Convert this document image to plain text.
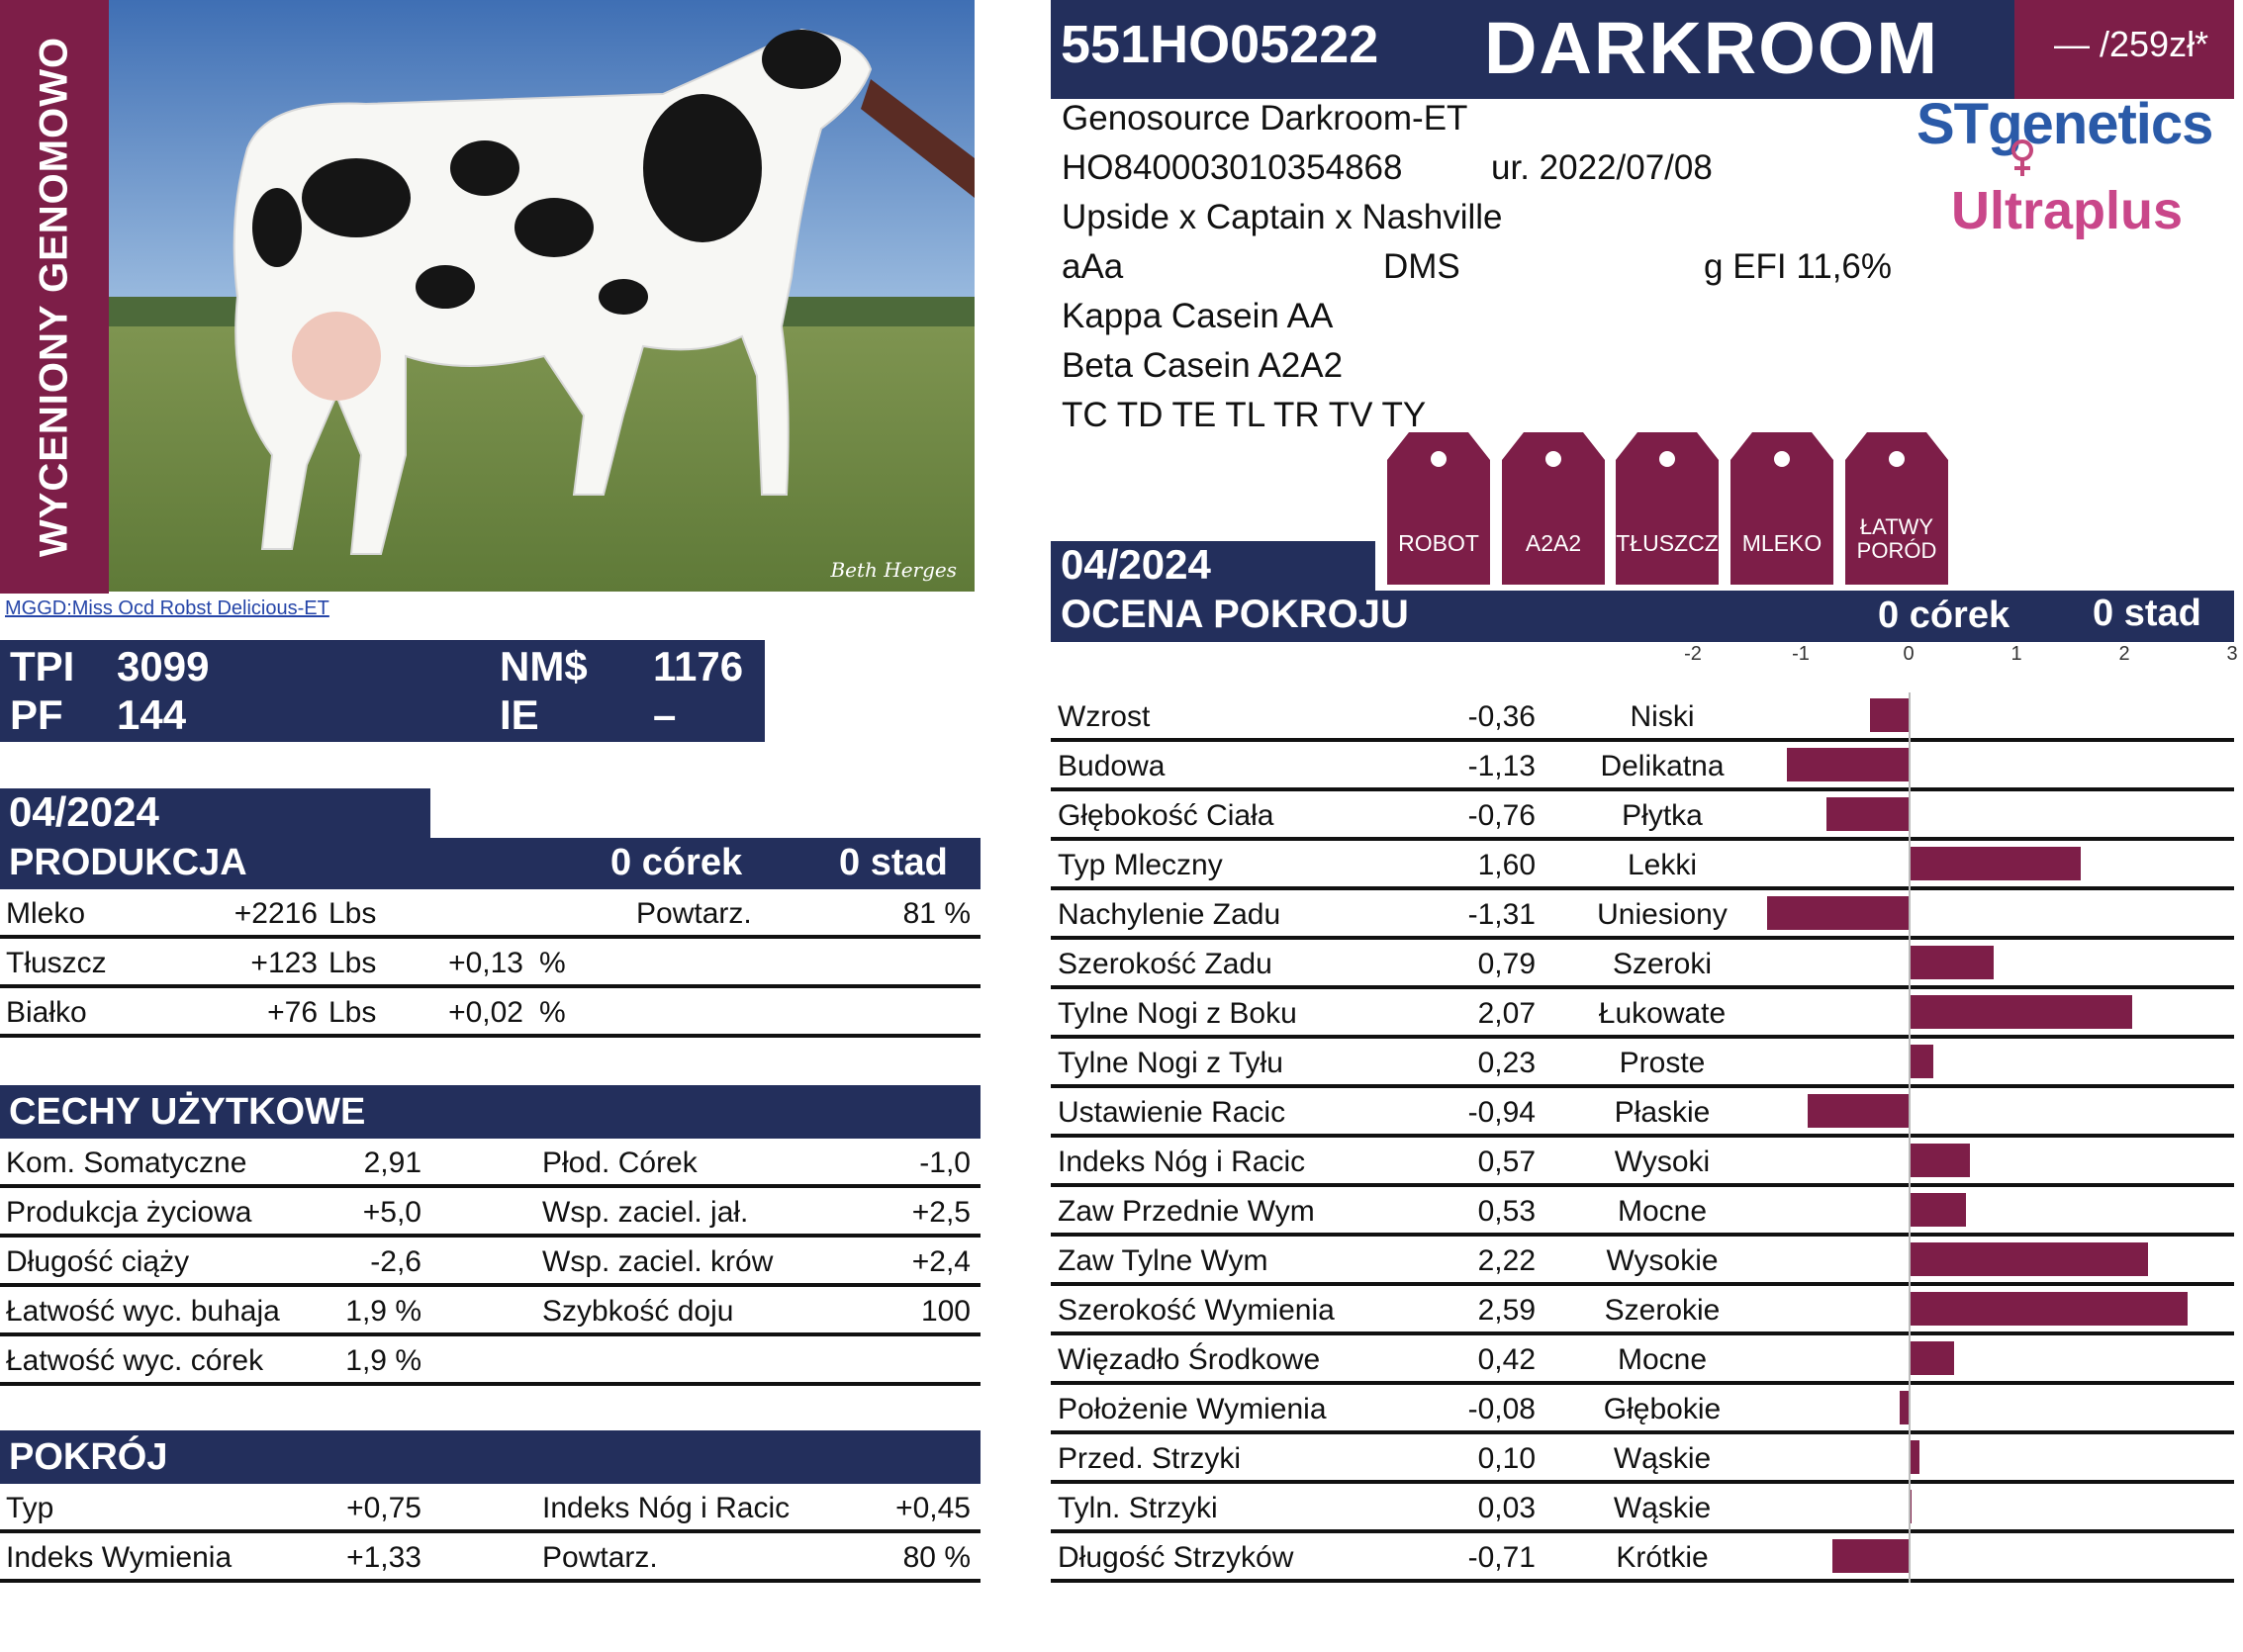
WYCENIONY GENOMOWO
Beth Herges
MGGD:Miss Ocd Robst Delicious-ET
TPI 3099	NM$ 1176
PF 144	IE	–
04/2024
PRODUKCJA	0 córek	0 stad
Mleko	+2216 Lbs	Powtarz.	81 %
Tłuszcz	+123 Lbs +0,13 %
Białko	+76 Lbs +0,02 %
CECHY UŻYTKOWE
Kom. Somatyczne	2,91	Płod. Córek	-1,0
Produkcja życiowa	+5,0	Wsp. zaciel. jał.	+2,5
Długość ciąży	-2,6	Wsp. zaciel. krów	+2,4
Łatwość wyc. buhaja 1,9 %	Szybkość doju	100
Łatwość wyc. córek	1,9 %
POKRÓJ
Typ	+0,75	Indeks Nóg i Racic	+0,45
Indeks Wymienia	+1,33	Powtarz.	80 %
551HO05222 DARKROOM	— /259zł*
Genosource Darkroom-ET
HO840003010354868	ur. 2022/07/08
Upside x Captain x Nashville
aAa	DMS	g EFI 11,6%
Kappa Casein AA
Beta Casein A2A2
TC TD TE TL TR TV TY
STgenetics
Ultraplus
ROBOT	A2A2	TŁUSZCZ	MLEKO
ŁATWY PORÓD
04/2024
OCENA POKROJU	0 córek 0 stad
-2	-1	0	1	2	3
Wzrost	-0,36	Niski
Budowa	-1,13	Delikatna
Głębokość Ciała	-0,76	Płytka
Typ Mleczny	1,60	Lekki
Nachylenie Zadu	-1,31	Uniesiony
Szerokość Zadu	0,79	Szeroki
Tylne Nogi z Boku	2,07	Łukowate
Tylne Nogi z Tyłu	0,23	Proste
Ustawienie Racic	-0,94	Płaskie
Indeks Nóg i Racic	0,57	Wysoki
Zaw Przednie Wym	0,53	Mocne
Zaw Tylne Wym	2,22	Wysokie
Szerokość Wymienia	2,59	Szerokie
Więzadło Środkowe	0,42	Mocne
Położenie Wymienia	-0,08	Głębokie
Przed. Strzyki	0,10	Wąskie
Tyln. Strzyki	0,03	Wąskie
Długość Strzyków	-0,71	Krótkie
